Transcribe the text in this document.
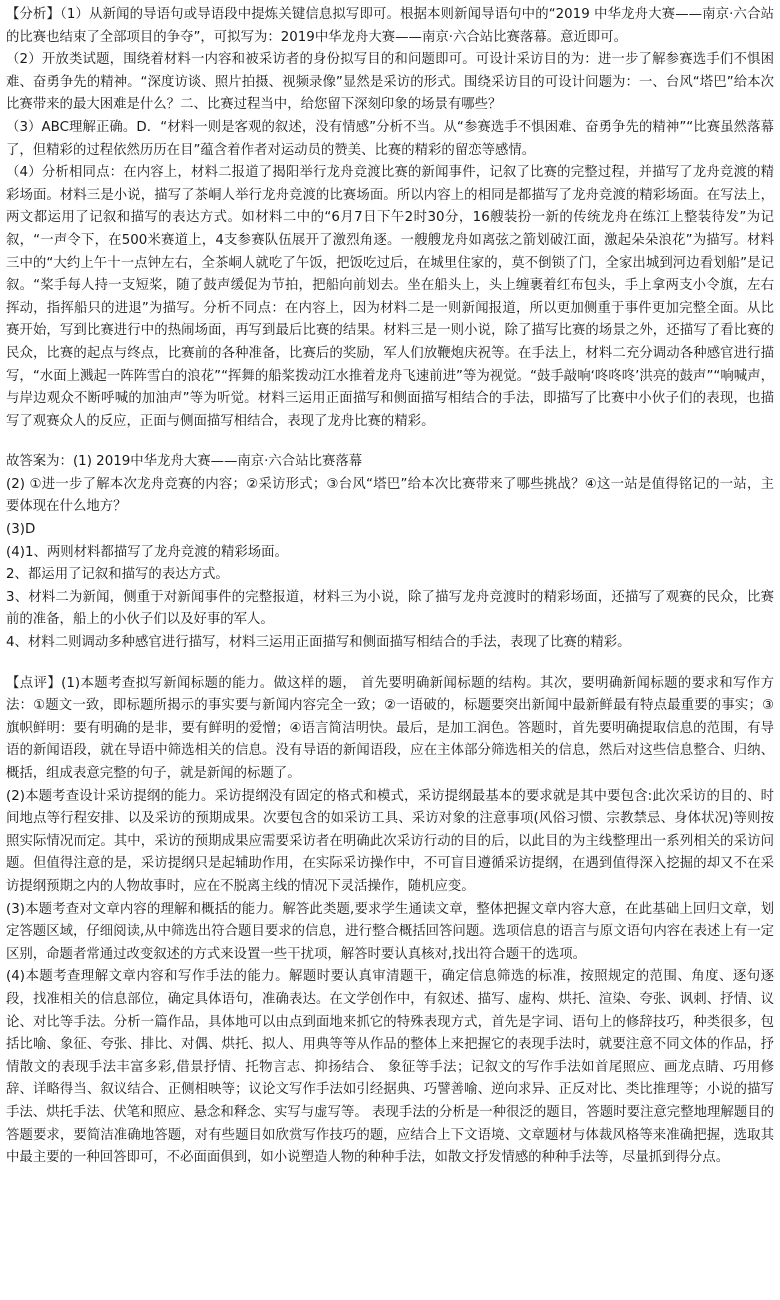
【分析】（1）从新闻的导语句或导语段中提炼关键信息拟写即可。根据本则新闻导语句中的“2019 中华龙舟大赛——南京·六合站的比赛也结束了全部项目的争夺”，可拟写为：2019中华龙舟大赛——南京·六合站比赛落幕。意近即可。

（2）开放类试题，围绕着材料一内容和被采访者的身份拟写目的和问题即可。可设计采访目的为：进一步了解参赛选手们不惧困难、奋勇争先的精神。“深度访谈、照片拍摄、视频录像”显然是采访的形式。围绕采访目的可设计问题为：一、台风“塔巴”给本次比赛带来的最大困难是什么？二、比赛过程当中，给您留下深刻印象的场景有哪些？

（3）ABC理解正确。D．“材料一则是客观的叙述，没有情感”分析不当。从“参赛选手不惧困难、奋勇争先的精神”“比赛虽然落幕了，但精彩的过程依然历历在目”蕴含着作者对运动员的赞美、比赛的精彩的留恋等感情。

（4）分析相同点：在内容上，材料二报道了揭阳举行龙舟竞渡比赛的新闻事件，记叙了比赛的完整过程，并描写了龙舟竞渡的精彩场面。材料三是小说，描写了茶峒人举行龙舟竞渡的比赛场面。所以内容上的相同是都描写了龙舟竞渡的精彩场面。在写法上，两文都运用了记叙和描写的表达方式。如材料二中的“6月7日下午2时30分，16艘装扮一新的传统龙舟在练江上整装待发”为记叙，“一声令下，在500米赛道上，4支参赛队伍展开了激烈角逐。一艘艘龙舟如离弦之箭划破江面，激起朵朵浪花”为描写。材料三中的“大约上午十一点钟左右，全茶峒人就吃了午饭，把饭吃过后，在城里住家的，莫不倒锁了门，全家出城到河边看划船”是记叙。“桨手每人持一支短桨，随了鼓声缓促为节拍，把船向前划去。坐在船头上，头上缠裹着红布包头，手上拿两支小令旗，左右挥动，指挥船只的进退”为描写。分析不同点：在内容上，因为材料二是一则新闻报道，所以更加侧重于事件更加完整全面。从比赛开始，写到比赛进行中的热闹场面，再写到最后比赛的结果。材料三是一则小说，除了描写比赛的场景之外，还描写了看比赛的民众，比赛的起点与终点，比赛前的各种准备，比赛后的奖励，军人们放鞭炮庆祝等。在手法上，材料二充分调动各种感官进行描写，“水面上溅起一阵阵雪白的浪花”“挥舞的船桨拨动江水推着龙舟飞速前进”等为视觉。“鼓手敲响‘咚咚咚’洪亮的鼓声”“响喊声，与岸边观众不断呼喊的加油声”等为听觉。材料三运用正面描写和侧面描写相结合的手法，即描写了比赛中小伙子们的表现，也描写了观赛众人的反应，正面与侧面描写相结合，表现了龙舟比赛的精彩。

故答案为：(1) 2019中华龙舟大赛——南京·六合站比赛落幕

(2) ①进一步了解本次龙舟竞赛的内容；②采访形式；③台风“塔巴”给本次比赛带来了哪些挑战？④这一站是值得铭记的一站，主要体现在什么地方？

(3)D

(4)1、两则材料都描写了龙舟竞渡的精彩场面。

2、都运用了记叙和描写的表达方式。

3、材料二为新闻，侧重于对新闻事件的完整报道，材料三为小说，除了描写龙舟竞渡时的精彩场面，还描写了观赛的民众，比赛前的准备，船上的小伙子们以及好事的军人。

4、材料二则调动多种感官进行描写，材料三运用正面描写和侧面描写相结合的手法，表现了比赛的精彩。

【点评】(1)本题考查拟写新闻标题的能力。做这样的题， 首先要明确新闻标题的结构。其次，要明确新闻标题的要求和写作方法：①题文一致，即标题所揭示的事实要与新闻内容完全一致；②一语破的，标题要突出新闻中最新鲜最有特点最重要的事实；③旗帜鲜明：要有明确的是非，要有鲜明的爱憎；④语言简洁明快。最后，是加工润色。答题时，首先要明确提取信息的范围，有导语的新闻语段，就在导语中筛选相关的信息。没有导语的新闻语段，应在主体部分筛选相关的信息，然后对这些信息整合、归纳、概括，组成表意完整的句子，就是新闻的标题了。

(2)本题考查设计采访提纲的能力。采访提纲没有固定的格式和模式，采访提纲最基本的要求就是其中要包含:此次采访的目的、时间地点等行程安排、以及采访的预期成果。次要包含的如采访工具、采访对象的注意事项(风俗习惯、宗教禁忌、身体状况)等则按照实际情况而定。其中，采访的预期成果应需要采访者在明确此次采访行动的目的后，以此目的为主线整理出一系列相关的采访问题。但值得注意的是，采访提纲只是起辅助作用，在实际采访操作中，不可盲目遵循采访提纲，在遇到值得深入挖掘的却又不在采访提纲预期之内的人物故事时，应在不脱离主线的情况下灵活操作，随机应变。

(3)本题考查对文章内容的理解和概括的能力。解答此类题,要求学生通读文章，整体把握文章内容大意，在此基础上回归文章，划定答题区域，仔细阅读,从中筛选出符合题目要求的信息，进行整合概括回答问题。选项信息的语言与原文语句内容在表述上有一定区别，命题者常通过改变叙述的方式来设置一些干扰项，解答时要认真核对,找出符合题干的选项。

(4)本题考查理解文章内容和写作手法的能力。解题时要认真审清题干，确定信息筛选的标准，按照规定的范围、角度、逐句逐段，找准相关的信息部位，确定具体语句，准确表达。在文学创作中，有叙述、描写、虚构、烘托、渲染、夸张、讽刺、抒情、议论、对比等手法。分析一篇作品，具体地可以由点到面地来抓它的特殊表现方式，首先是字词、语句上的修辞技巧，种类很多，包括比喻、象征、夸张、排比、对偶、烘托、拟人、用典等等从作品的整体上来把握它的表现手法时，就要注意不同文体的作品，抒情散文的表现手法丰富多彩,借景抒情、托物言志、抑扬结合、 象征等手法；记叙文的写作手法如首尾照应、画龙点睛、巧用修辞、详略得当、叙议结合、正侧相映等；议论文写作手法如引经据典、巧譬善喻、逆向求异、正反对比、类比推理等；小说的描写手法、烘托手法、伏笔和照应、悬念和释念、实写与虚写等。 表现手法的分析是一种很泛的题目，答题时要注意完整地理解题目的答题要求，要简洁准确地答题，对有些题目如欣赏写作技巧的题，应结合上下文语境、文章题材与体裁风格等来准确把握，选取其中最主要的一种回答即可，不必面面俱到，如小说塑造人物的种种手法，如散文抒发情感的种种手法等，尽量抓到得分点。
